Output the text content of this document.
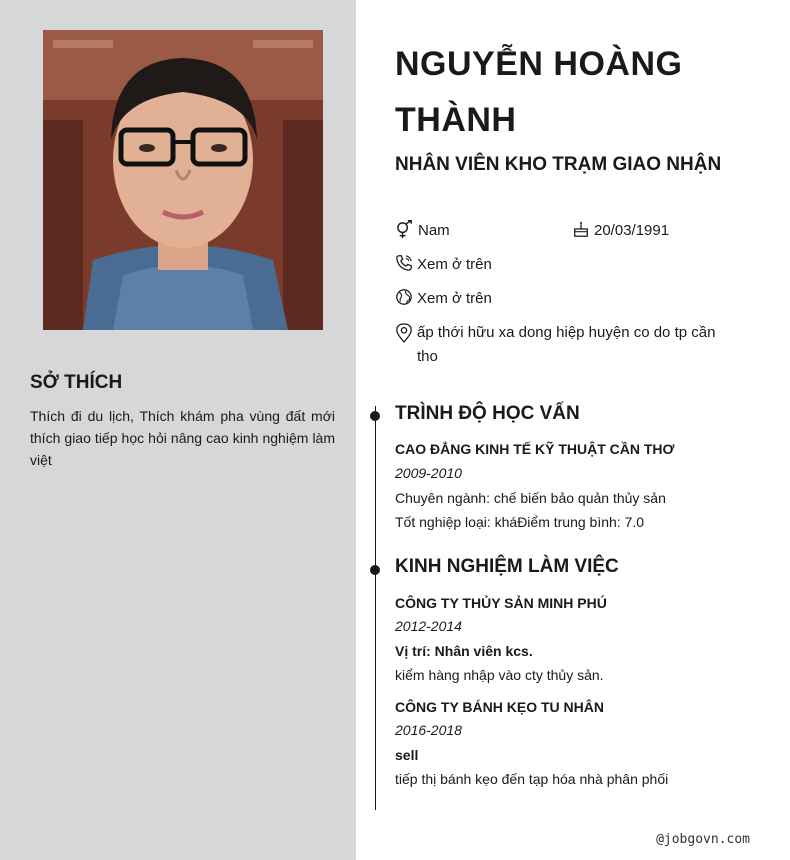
SỞ THÍCH

Thích đi du lịch, Thích khám pha vùng đất mới thích giao tiếp học hỏi nâng cao kinh nghiệm làm việt

NGUYỄN HOÀNG THÀNH
NHÂN VIÊN KHO TRẠM GIAO NHẬN
Nam	20/03/1991
Xem ở trên
Xem ở trên
ấp thới hữu xa dong hiệp huyện co do tp cần tho
TRÌNH ĐỘ HỌC VẤN

CAO ĐẲNG KINH TẾ KỸ THUẬT CẦN THƠ

2009-2010

Chuyên ngành: chế biến bảo quản thủy sản

Tốt nghiệp loại: kháĐiểm trung bình: 7.0

KINH NGHIỆM LÀM VIỆC

CÔNG TY THỦY SẢN MINH PHÚ

2012-2014

Vị trí: Nhân viên kcs.

kiểm hàng nhập vào cty thủy sản.

CÔNG TY BÁNH KẸO TU NHÂN

2016-2018

sell

tiếp thị bánh kẹo đến tạp hóa nhà phân phối

@jobgovn.com
